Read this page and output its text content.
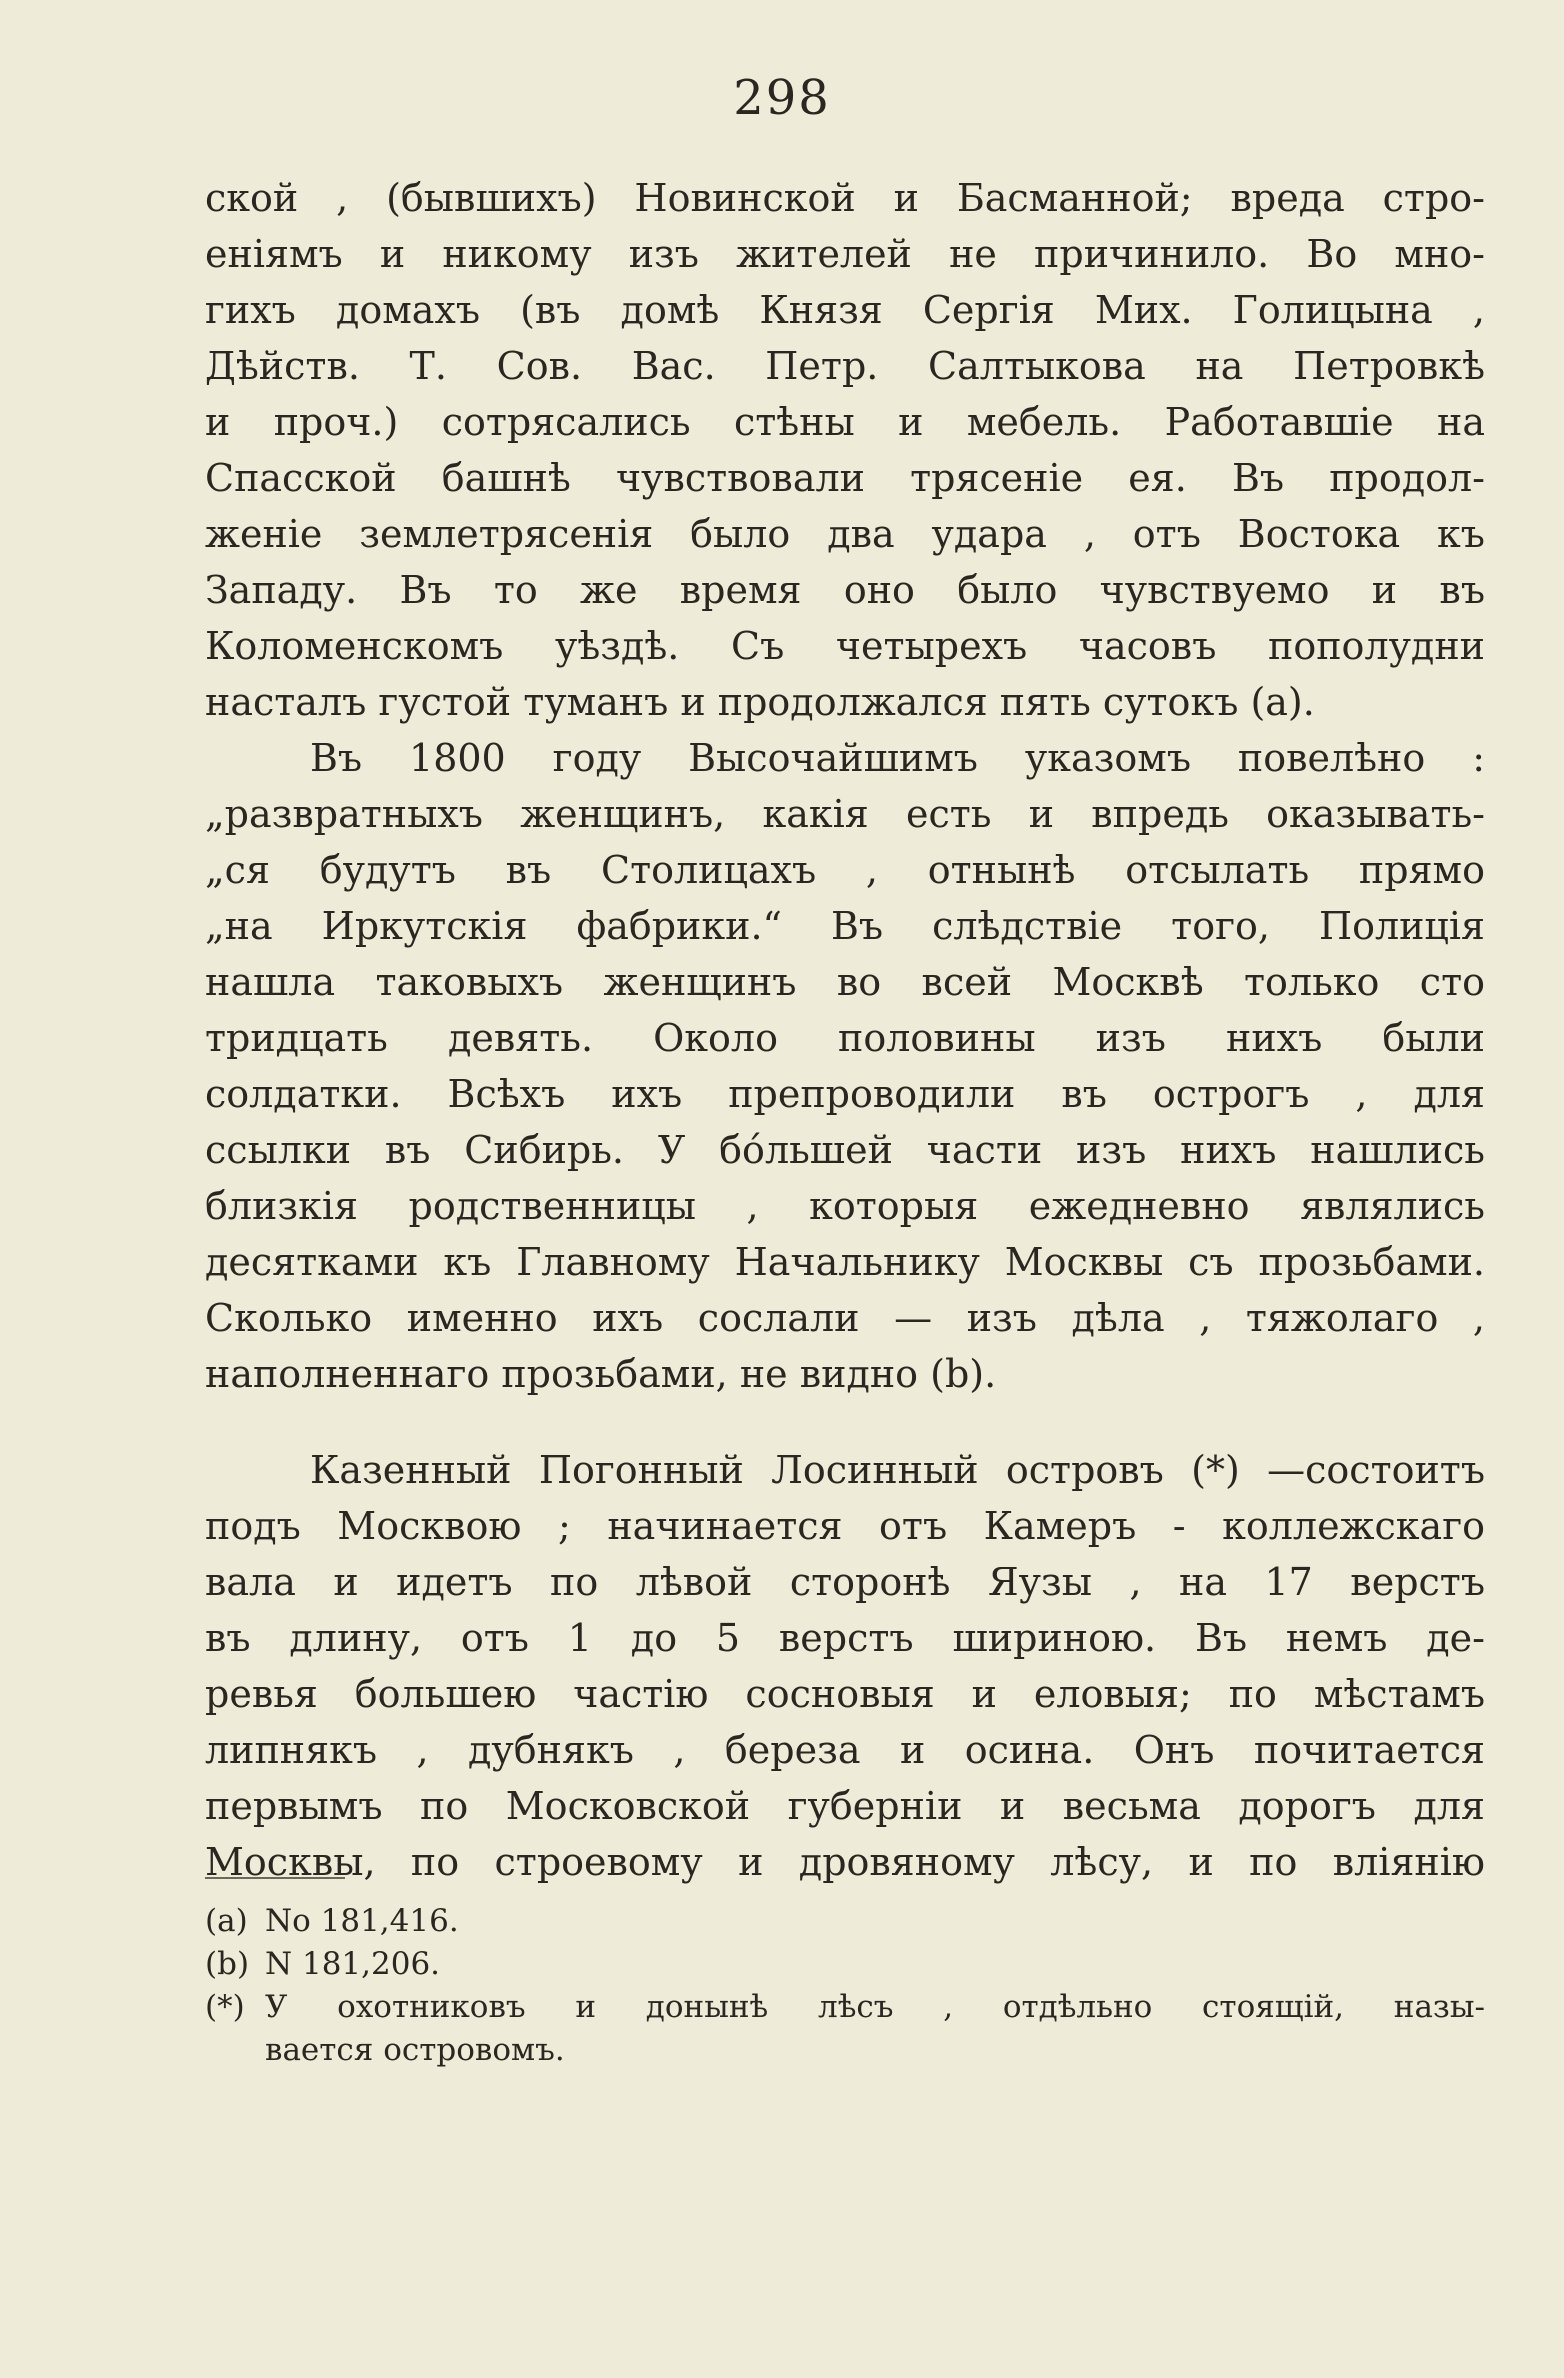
298
ской , (бывшихъ) Новинской и Басманной; вреда стро-
еніямъ и никому изъ жителей не причинило. Во мно-
гихъ домахъ (въ домѣ Князя Сергія Мих. Голицына ,
Дѣйств. Т. Сов. Вас. Петр. Салтыкова на Петровкѣ
и проч.) сотрясались стѣны и мебель. Работавшіе на
Спасской башнѣ чувствовали трясеніе ея. Въ продол-
женіе землетрясенія было два удара , отъ Востока къ
Западу. Въ то же время оно было чувствуемо и въ
Коломенскомъ уѣздѣ. Съ четырехъ часовъ пополудни
насталъ густой туманъ и продолжался пять сутокъ (а).
Въ 1800 году Высочайшимъ указомъ повелѣно :
„развратныхъ женщинъ, какія есть и впредь оказывать-
„ся будутъ въ Столицахъ , отнынѣ отсылать прямо
„на Иркутскія фабрики.“ Въ слѣдствіе того, Полиція
нашла таковыхъ женщинъ во всей Москвѣ только сто
тридцать девять. Около половины изъ нихъ были
солдатки. Всѣхъ ихъ препроводили въ острогъ , для
ссылки въ Сибирь. У бо́льшей части изъ нихъ нашлись
близкія родственницы , которыя ежедневно являлись
десятками къ Главному Начальнику Москвы съ прозьбами.
Сколько именно ихъ сослали — изъ дѣла , тяжолаго ,
наполненнаго прозьбами, не видно (b).
Казенный Погонный Лосинный островъ (*) —состоитъ
подъ Москвою ; начинается отъ Камеръ - коллежскаго
вала и идетъ по лѣвой сторонѣ Яузы , на 17 верстъ
въ длину, отъ 1 до 5 верстъ шириною. Въ немъ де-
ревья большею частію сосновыя и еловыя; по мѣстамъ
липнякъ , дубнякъ , береза и осина. Онъ почитается
первымъ по Московской губерніи и весьма дорогъ для
Москвы, по строевому и дровяному лѣсу, и по вліянію
(а) No 181,416.
(b) N 181,206.
(*) У охотниковъ и донынѣ лѣсъ , отдѣльно стоящій, назы-
вается островомъ.
